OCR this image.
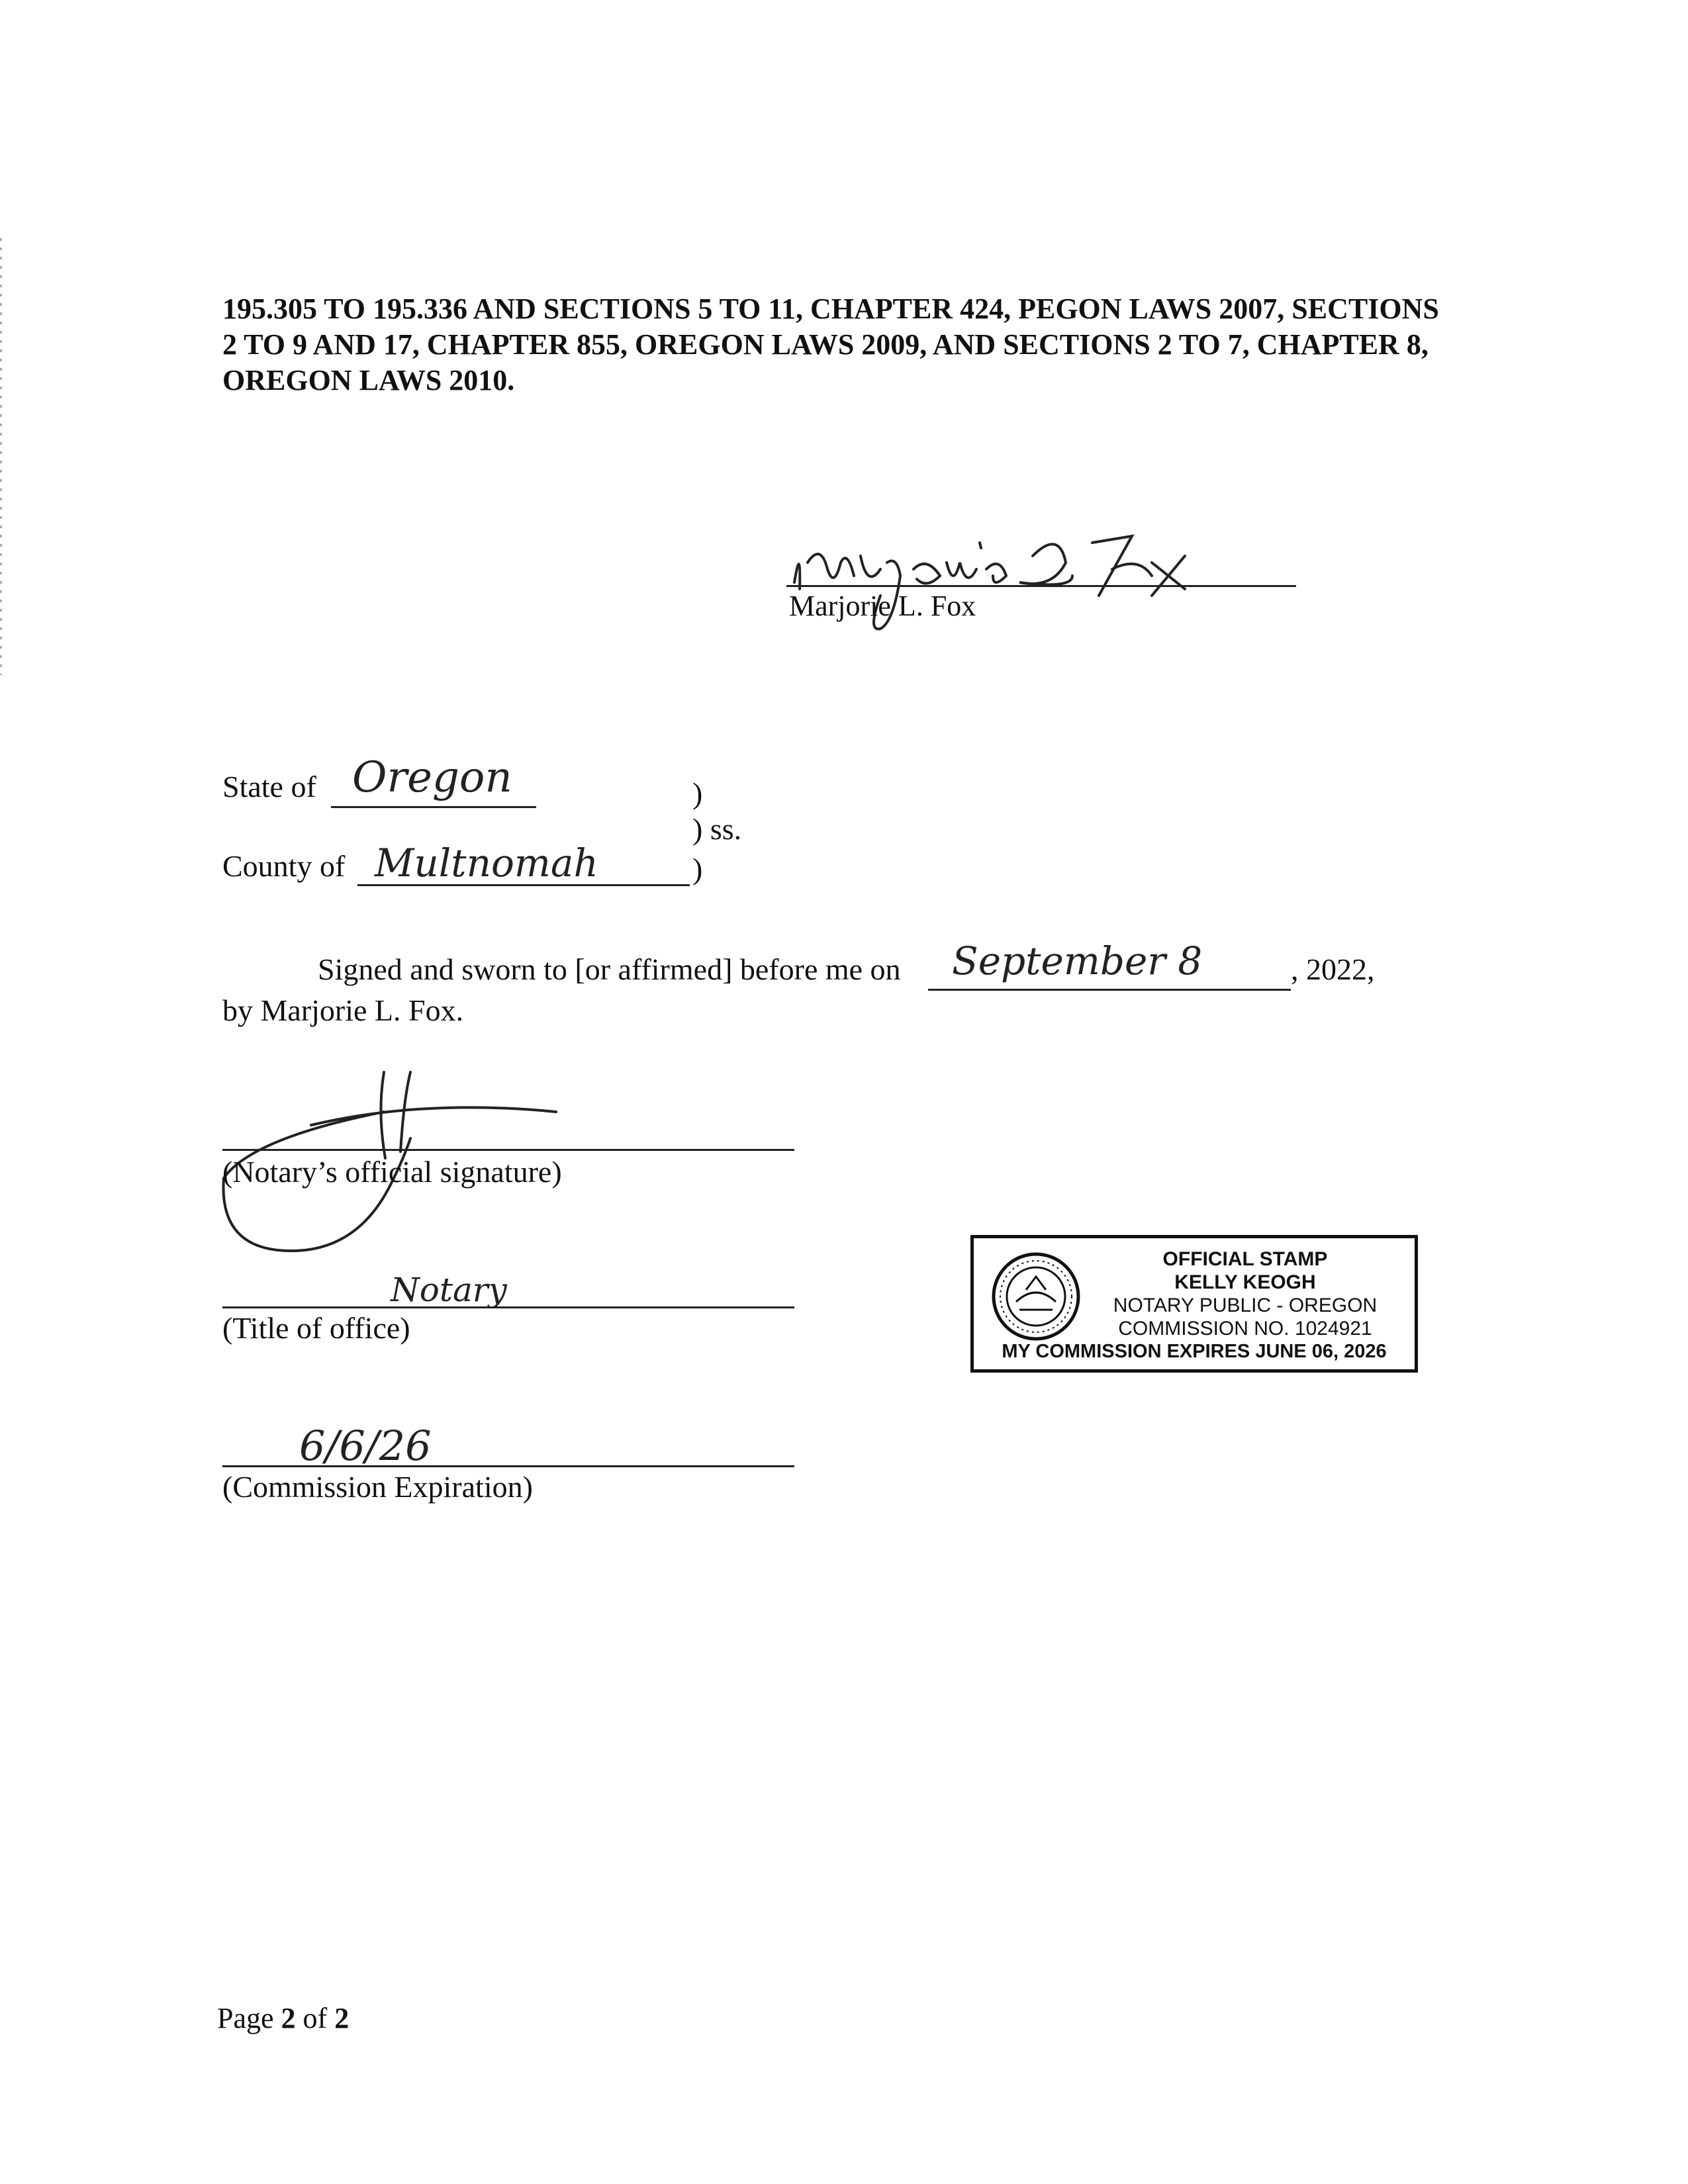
195.305 TO 195.336 AND SECTIONS 5 TO 11, CHAPTER 424, PEGON LAWS 2007, SECTIONS
2 TO 9 AND 17, CHAPTER 855, OREGON LAWS 2009, AND SECTIONS 2 TO 7, CHAPTER 8,
OREGON LAWS 2010.
Marjorie L. Fox
State of Oregon	)
) ss.
County of Multnomah	)
Signed and sworn to [or affirmed] before me on September 8	, 2022,
by Marjorie L. Fox.
(Notary’s official signature)
Notary
(Title of office)
6/6/26
(Commission Expiration)
OFFICIAL STAMP
KELLY KEOGH
NOTARY PUBLIC - OREGON
COMMISSION NO. 1024921
MY COMMISSION EXPIRES JUNE 06, 2026
Page 2 of 2
